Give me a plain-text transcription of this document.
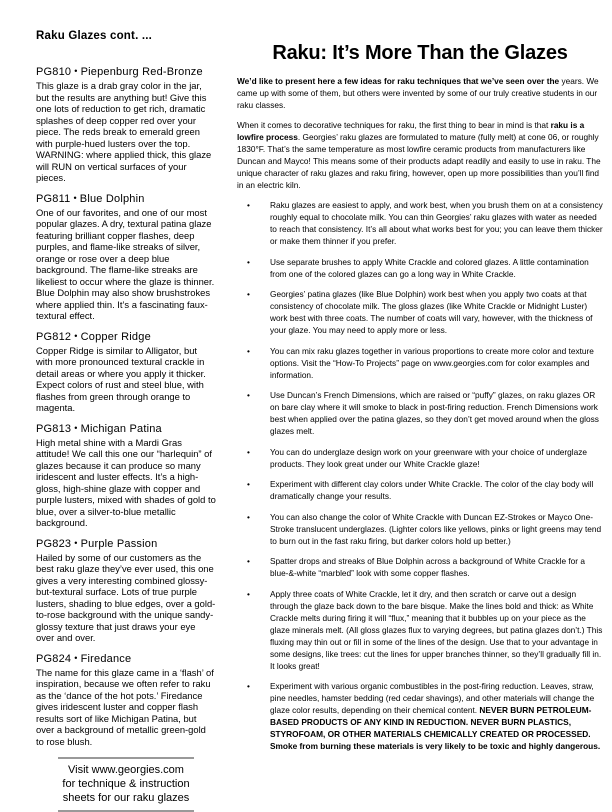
Raku Glazes cont. ...
PG810 • Piepenburg Red-Bronze

This glaze is a drab gray color in the jar, but the results are anything but! Give this one lots of reduction to get rich, dramatic splashes of deep copper red over your piece. The reds break to emerald green with purple-hued lusters over the top. WARNING: where applied thick, this glaze will RUN on vertical surfaces of your pieces.

PG811 • Blue Dolphin

One of our favorites, and one of our most popular glazes. A dry, textural patina glaze featuring brilliant copper flashes, deep purples, and flame-like streaks of silver, orange or rose over a deep blue background. The flame-like streaks are likeliest to occur where the glaze is thinner. Blue Dolphin may also show brushstrokes where applied thin. It’s a fascinating faux-textural effect.

PG812 • Copper Ridge

Copper Ridge is similar to Alligator, but with more pronounced textural crackle in detail areas or where you apply it thicker. Expect colors of rust and steel blue, with flashes from green through orange to magenta.

PG813 • Michigan Patina

High metal shine with a Mardi Gras attitude! We call this one our “harlequin” of glazes because it can produce so many iridescent and luster effects. It’s a high-gloss, high-shine glaze with copper and purple lusters, mixed with shades of gold to blue, over a silver-to-blue metallic background.

PG823 • Purple Passion

Hailed by some of our customers as the best raku glaze they’ve ever used, this one gives a very interesting combined glossy-but-textural surface. Lots of true purple lusters, shading to blue edges, over a gold-to-rose background with the unique sandy-glossy texture that just draws your eye over and over.

PG824 • Firedance

The name for this glaze came in a ‘flash’ of inspiration, because we often refer to raku as the ‘dance of the hot pots.’ Firedance gives iridescent luster and copper flash results sort of like Michigan Patina, but over a background of metallic green-gold to rose blush.

Visit www.georgies.com
for technique & instruction
sheets for our raku glazes
Raku: It’s More Than the Glazes

We’d like to present here a few ideas for raku techniques that we’ve seen over the years. We came up with some of them, but others were invented by some of our truly creative students in our raku classes.

When it comes to decorative techniques for raku, the first thing to bear in mind is that raku is a lowfire process. Georgies’ raku glazes are formulated to mature (fully melt) at cone 06, or roughly 1830°F. That’s the same temperature as most lowfire ceramic products from manufacturers like Duncan and Mayco! This means some of their products adapt readily and easily to use in raku. The unique character of raku glazes and raku firing, however, open up more possibilities than you’ll find in an electric kiln.

• Raku glazes are easiest to apply, and work best, when you brush them on at a consistency roughly equal to chocolate milk. You can thin Georgies’ raku glazes with water as needed to reach that consistency. It’s all about what works best for you; you can leave them thicker or make them thinner if you prefer.
• Use separate brushes to apply White Crackle and colored glazes. A little contamination from one of the colored glazes can go a long way in White Crackle.
• Georgies’ patina glazes (like Blue Dolphin) work best when you apply two coats at that consistency of chocolate milk. The gloss glazes (like White Crackle or Midnight Luster) work best with three coats. The number of coats will vary, however, with the thickness of your glaze. You may need to apply more or less.
• You can mix raku glazes together in various proportions to create more color and texture options. Visit the “How-To Projects” page on www.georgies.com for color examples and information.
• Use Duncan’s French Dimensions, which are raised or “puffy” glazes, on raku glazes OR on bare clay where it will smoke to black in post-firing reduction. French Dimensions work best when applied over the patina glazes, so they don’t get moved around when the gloss glazes melt.
• You can do underglaze design work on your greenware with your choice of underglaze products. They look great under our White Crackle glaze!
• Experiment with different clay colors under White Crackle. The color of the clay body will dramatically change your results.
• You can also change the color of White Crackle with Duncan EZ-Strokes or Mayco One-Stroke translucent underglazes. (Lighter colors like yellows, pinks or light greens may tend to burn out in the fast raku firing, but darker colors hold up better.)
• Spatter drops and streaks of Blue Dolphin across a background of White Crackle for a blue-&-white “marbled” look with some copper flashes.
• Apply three coats of White Crackle, let it dry, and then scratch or carve out a design through the glaze back down to the bare bisque. Make the lines bold and thick: as White Crackle melts during firing it will “flux,” meaning that it bubbles up on your piece as the glaze minerals melt. (All gloss glazes flux to varying degrees, but patina glazes don’t.) This fluxing may thin out or fill in some of the lines of the design. Use that to your advantage in some designs, like trees: cut the lines for upper branches thinner, so they’ll gradually fill in. It looks great!
• Experiment with various organic combustibles in the post-firing reduction. Leaves, straw, pine needles, hamster bedding (red cedar shavings), and other materials will change the glaze color results, depending on their chemical content. NEVER BURN PETROLEUM-BASED PRODUCTS OF ANY KIND IN REDUCTION. NEVER BURN PLASTICS, STYROFOAM, OR OTHER MATERIALS CHEMICALLY CREATED OR PROCESSED. Smoke from burning these materials is very likely to be toxic and highly dangerous.
